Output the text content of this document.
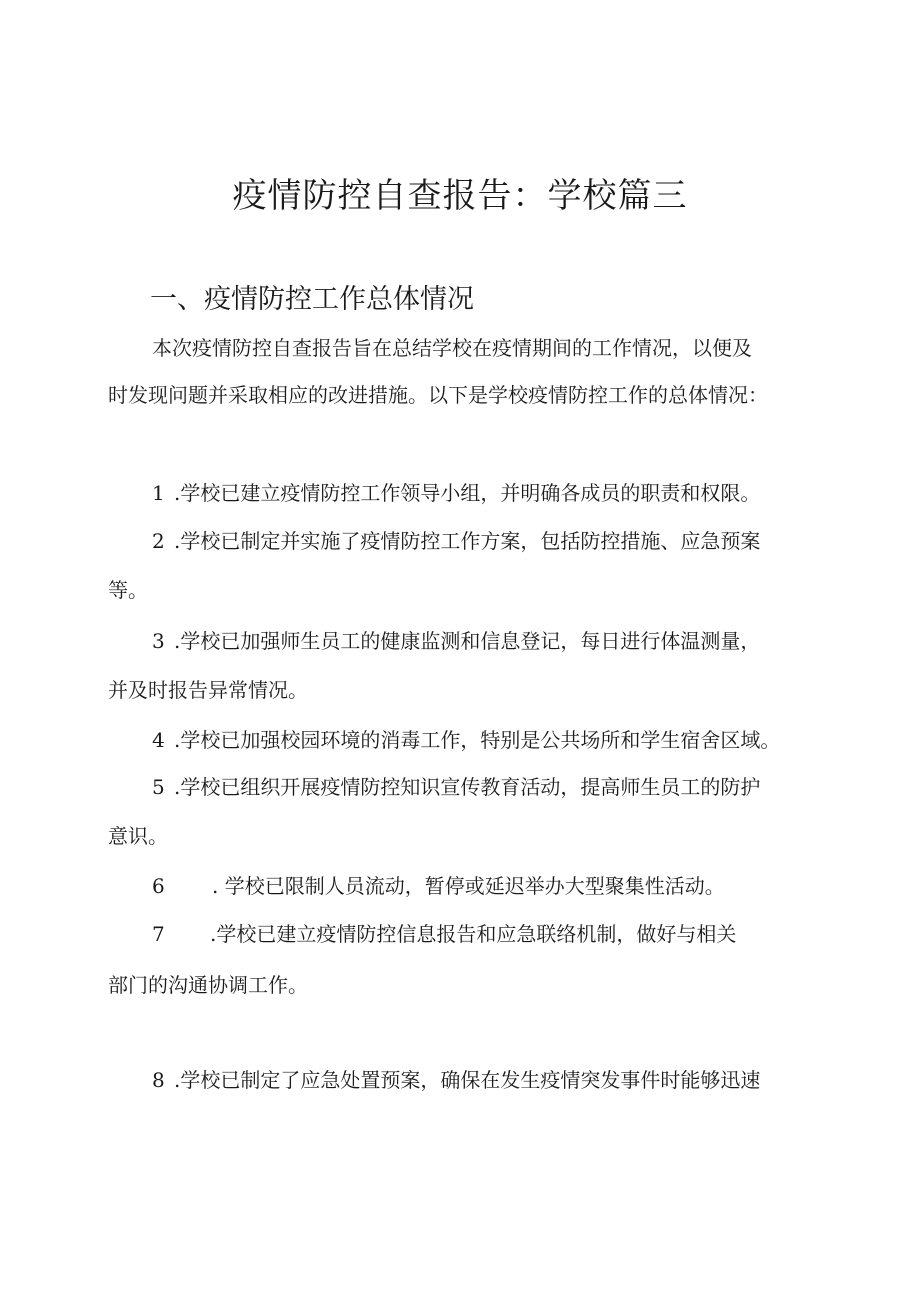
疫情防控自查报告：学校篇三
一、疫情防控工作总体情况
本次疫情防控自查报告旨在总结学校在疫情期间的工作情况，以便及
时发现问题并采取相应的改进措施。以下是学校疫情防控工作的总体情况：
1 .学校已建立疫情防控工作领导小组，并明确各成员的职责和权限。
2 .学校已制定并实施了疫情防控工作方案，包括防控措施、应急预案
等。
3 .学校已加强师生员工的健康监测和信息登记，每日进行体温测量，
并及时报告异常情况。
4 .学校已加强校园环境的消毒工作，特别是公共场所和学生宿舍区域。
5 .学校已组织开展疫情防控知识宣传教育活动，提高师生员工的防护
意识。
6 . 学校已限制人员流动，暂停或延迟举办大型聚集性活动。
7 .学校已建立疫情防控信息报告和应急联络机制，做好与相关
部门的沟通协调工作。
8 .学校已制定了应急处置预案，确保在发生疫情突发事件时能够迅速
